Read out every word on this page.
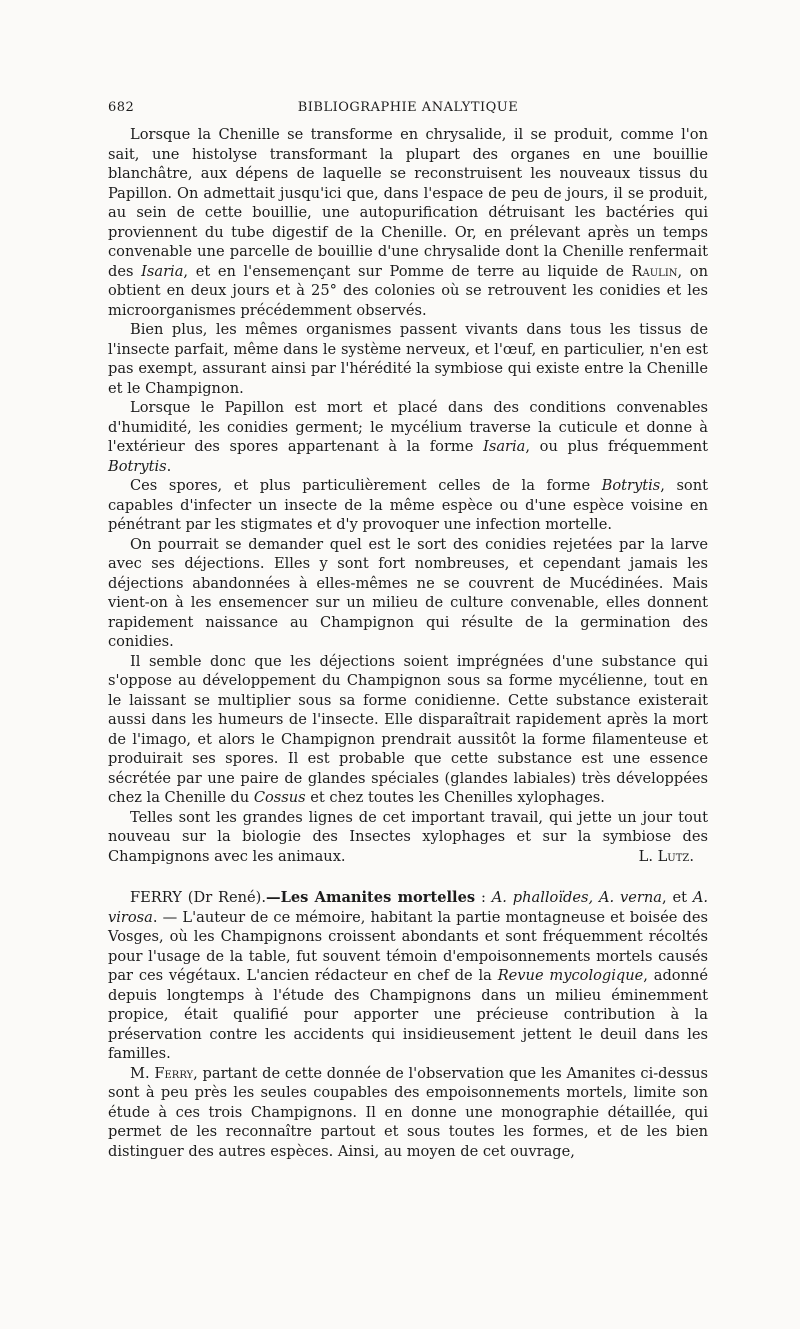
682	BIBLIOGRAPHIE ANALYTIQUE

Lorsque la Chenille se transforme en chrysalide, il se produit, comme l'on sait, une histolyse transformant la plupart des organes en une bouillie blanchâtre, aux dépens de laquelle se reconstruisent les nouveaux tissus du Papillon. On admettait jusqu'ici que, dans l'espace de peu de jours, il se produit, au sein de cette bouillie, une autopurification détruisant les bactéries qui proviennent du tube digestif de la Chenille. Or, en prélevant après un temps convenable une parcelle de bouillie d'une chrysalide dont la Chenille renfermait des Isaria, et en l'ensemençant sur Pomme de terre au liquide de Raulin, on obtient en deux jours et à 25° des colonies où se retrouvent les conidies et les microorganismes précédemment observés.

Bien plus, les mêmes organismes passent vivants dans tous les tissus de l'insecte parfait, même dans le système nerveux, et l'œuf, en particulier, n'en est pas exempt, assurant ainsi par l'hérédité la symbiose qui existe entre la Chenille et le Champignon.

Lorsque le Papillon est mort et placé dans des conditions convenables d'humidité, les conidies germent; le mycélium traverse la cuticule et donne à l'extérieur des spores appartenant à la forme Isaria, ou plus fréquemment Botrytis.

Ces spores, et plus particulièrement celles de la forme Botrytis, sont capables d'infecter un insecte de la même espèce ou d'une espèce voisine en pénétrant par les stigmates et d'y provoquer une infection mortelle.

On pourrait se demander quel est le sort des conidies rejetées par la larve avec ses déjections. Elles y sont fort nombreuses, et cependant jamais les déjections abandonnées à elles-mêmes ne se couvrent de Mucédinées. Mais vient-on à les ensemencer sur un milieu de culture convenable, elles donnent rapidement naissance au Champignon qui résulte de la germination des conidies.

Il semble donc que les déjections soient imprégnées d'une substance qui s'oppose au développement du Champignon sous sa forme mycélienne, tout en le laissant se multiplier sous sa forme conidienne. Cette substance existerait aussi dans les humeurs de l'insecte. Elle disparaîtrait rapidement après la mort de l'imago, et alors le Champignon prendrait aussitôt la forme filamenteuse et produirait ses spores. Il est probable que cette substance est une essence sécrétée par une paire de glandes spéciales (glandes labiales) très développées chez la Chenille du Cossus et chez toutes les Chenilles xylophages.

Telles sont les grandes lignes de cet important travail, qui jette un jour tout nouveau sur la biologie des Insectes xylophages et sur la symbiose des Champignons avec les animaux.	L. Lutz.

FERRY (Dr René).—Les Amanites mortelles : A. phalloïdes, A. verna, et A. virosa. — L'auteur de ce mémoire, habitant la partie montagneuse et boisée des Vosges, où les Champignons croissent abondants et sont fréquemment récoltés pour l'usage de la table, fut souvent témoin d'empoisonnements mortels causés par ces végétaux. L'ancien rédacteur en chef de la Revue mycologique, adonné depuis longtemps à l'étude des Champignons dans un milieu éminemment propice, était qualifié pour apporter une précieuse contribution à la préservation contre les accidents qui insidieusement jettent le deuil dans les familles.

M. Ferry, partant de cette donnée de l'observation que les Amanites ci-dessus sont à peu près les seules coupables des empoisonnements mortels, limite son étude à ces trois Champignons. Il en donne une monographie détaillée, qui permet de les reconnaître partout et sous toutes les formes, et de les bien distinguer des autres espèces. Ainsi, au moyen de cet ouvrage,
